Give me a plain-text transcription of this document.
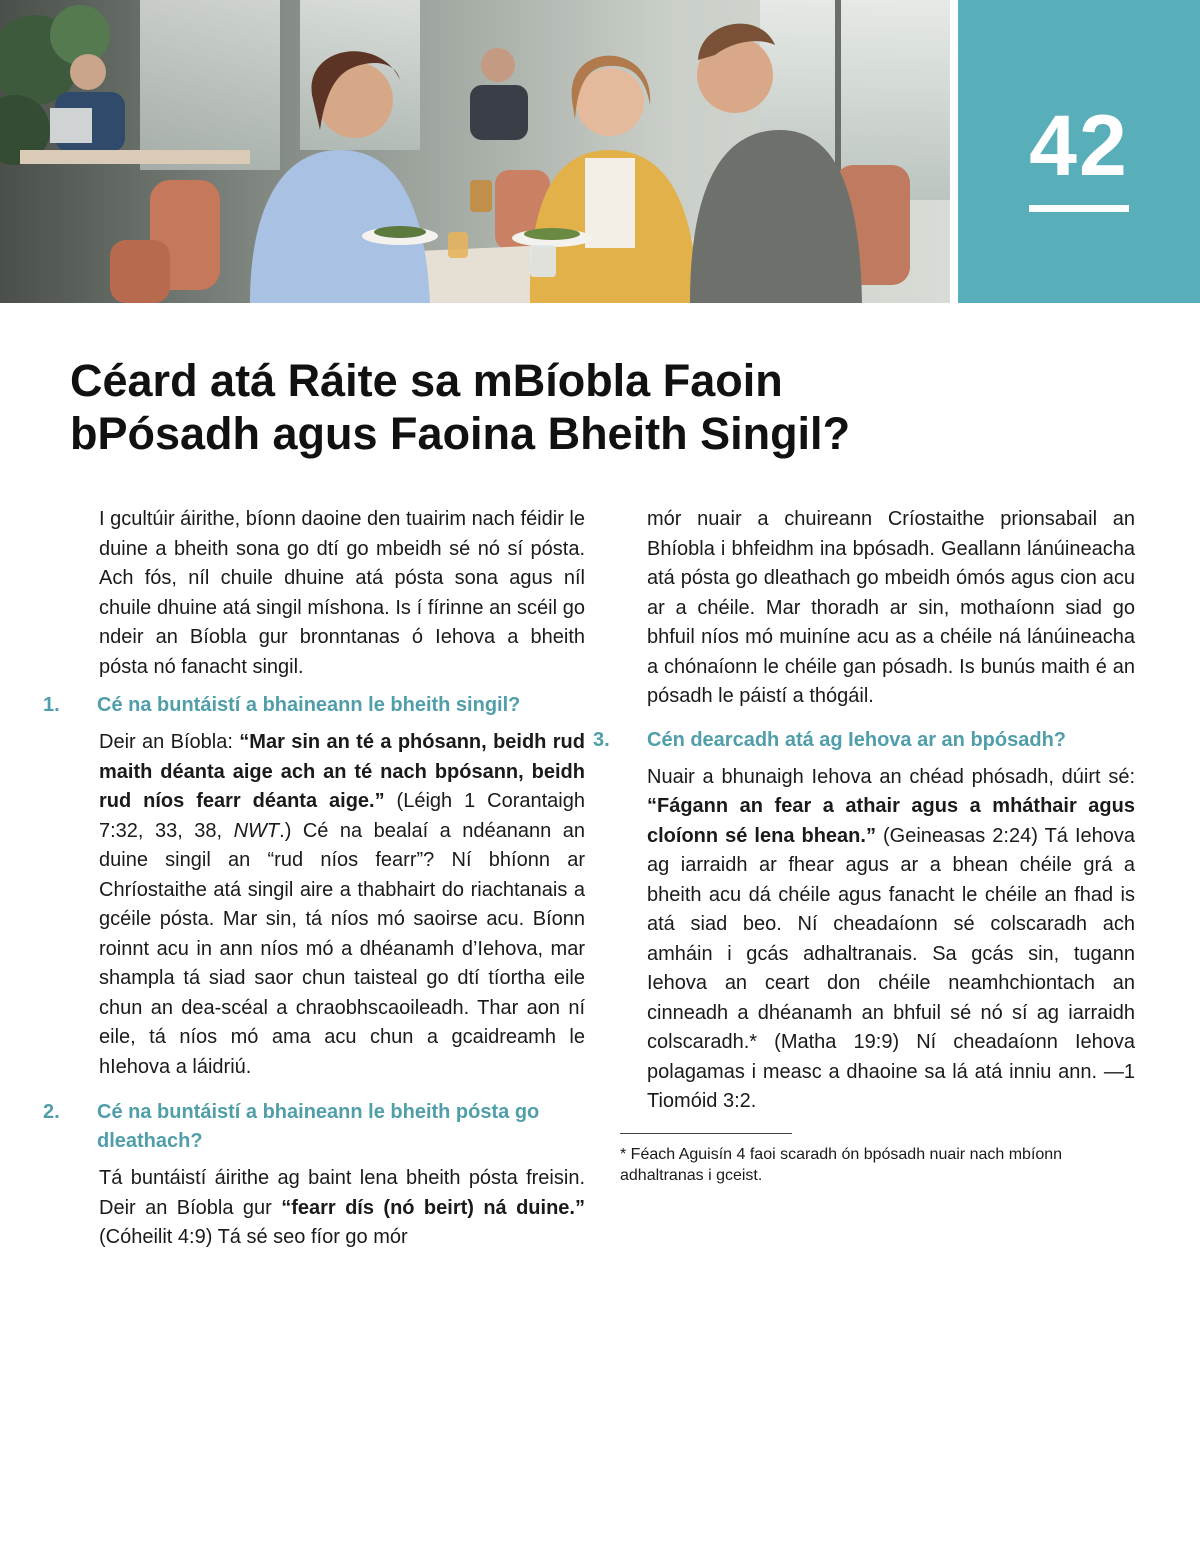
42
Céard atá Ráite sa mBíobla Faoin
bPósadh agus Faoina Bheith Singil?

I gcultúir áirithe, bíonn daoine den tuairim nach féidir le duine a bheith sona go dtí go mbeidh sé nó sí pósta. Ach fós, níl chuile dhuine atá pósta sona agus níl chuile dhuine atá singil míshona. Is í fírinne an scéil go ndeir an Bíobla gur bronntanas ó Iehova a bheith pósta nó fanacht singil.

1. Cé na buntáistí a bhaineann le bheith singil?

Deir an Bíobla: “Mar sin an té a phósann, beidh rud maith déanta aige ach an té nach bpósann, beidh rud níos fearr déanta aige.” (Léigh 1 Corantaigh 7:32, 33, 38, NWT.) Cé na bealaí a ndéanann an duine singil an “rud níos fearr”? Ní bhíonn ar Chríostaithe atá singil aire a thabhairt do riachtanais a gcéile pósta. Mar sin, tá níos mó saoirse acu. Bíonn roinnt acu in ann níos mó a dhéanamh d’Iehova, mar shampla tá siad saor chun taisteal go dtí tíortha eile chun an dea-scéal a chraobhscaoileadh. Thar aon ní eile, tá níos mó ama acu chun a gcaidreamh le hIehova a láidriú.

2. Cé na buntáistí a bhaineann le bheith pósta go dleathach?

Tá buntáistí áirithe ag baint lena bheith pósta freisin. Deir an Bíobla gur “fearr dís (nó beirt) ná duine.” (Cóheilit 4:9) Tá sé seo fíor go mór

mór nuair a chuireann Críostaithe prionsabail an Bhíobla i bhfeidhm ina bpósadh. Geallann lánúineacha atá pósta go dleathach go mbeidh ómós agus cion acu ar a chéile. Mar thoradh ar sin, mothaíonn siad go bhfuil níos mó muiníne acu as a chéile ná lánúineacha a chónaíonn le chéile gan pósadh. Is bunús maith é an pósadh le páistí a thógáil.

3. Cén dearcadh atá ag Iehova ar an bpósadh?

Nuair a bhunaigh Iehova an chéad phósadh, dúirt sé: “Fágann an fear a athair agus a mháthair agus cloíonn sé lena bhean.” (Geineasas 2:24) Tá Iehova ag iarraidh ar fhear agus ar a bhean chéile grá a bheith acu dá chéile agus fanacht le chéile an fhad is atá siad beo. Ní cheadaíonn sé colscaradh ach amháin i gcás adhaltranais. Sa gcás sin, tugann Iehova an ceart don chéile neamhchiontach an cinneadh a dhéanamh an bhfuil sé nó sí ag iarraidh colscaradh.* (Matha 19:9) Ní cheadaíonn Iehova polagamas i measc a dhaoine sa lá atá inniu ann. —1 Tiomóid 3:2.

* Féach Aguisín 4 faoi scaradh ón bpósadh nuair nach mbíonn adhaltranas i gceist.
